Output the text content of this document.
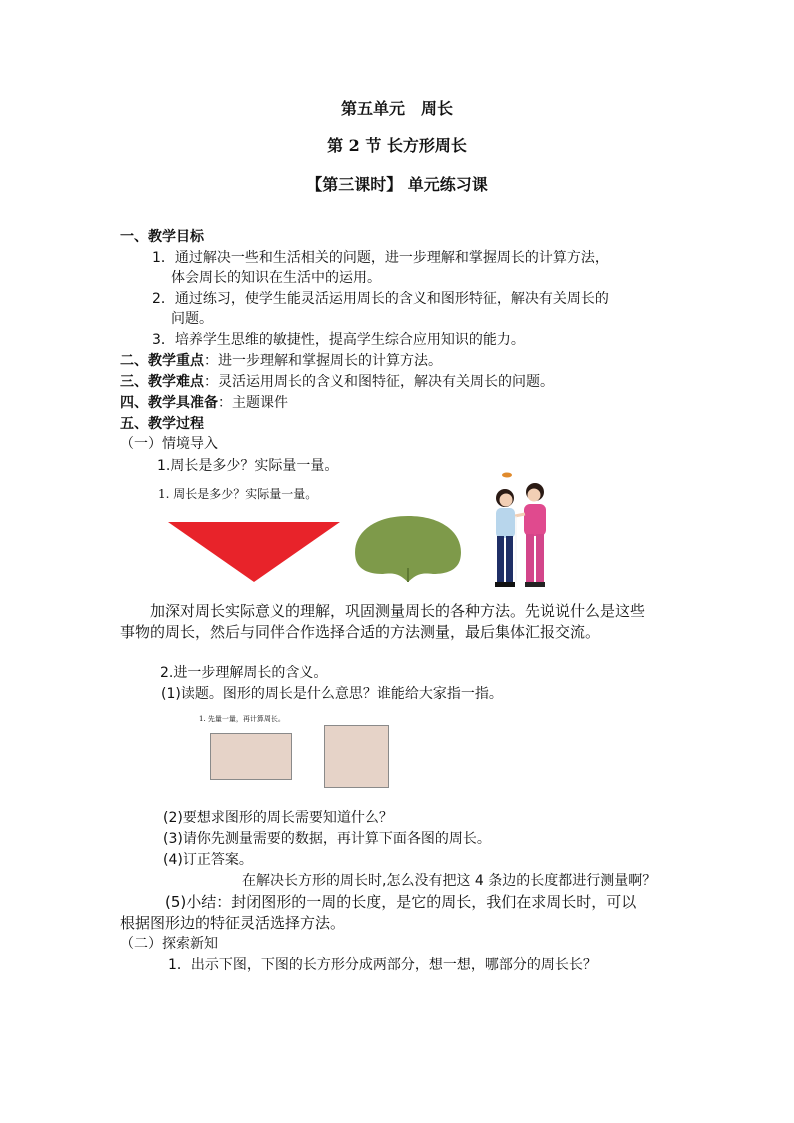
第五单元　周长
第 2 节 长方形周长
【第三课时】 单元练习课
一、教学目标
1．通过解决一些和生活相关的问题，进一步理解和掌握周长的计算方法，
体会周长的知识在生活中的运用。
2．通过练习，使学生能灵活运用周长的含义和图形特征，解决有关周长的
问题。
3．培养学生思维的敏捷性，提高学生综合应用知识的能力。
二、教学重点：进一步理解和掌握周长的计算方法。
三、教学难点：灵活运用周长的含义和图特征，解决有关周长的问题。
四、教学具准备：主题课件
五、教学过程
（一）情境导入
1.周长是多少？实际量一量。
1. 周长是多少？实际量一量。
加深对周长实际意义的理解，巩固测量周长的各种方法。先说说什么是这些
事物的周长，然后与同伴合作选择合适的方法测量，最后集体汇报交流。
2.进一步理解周长的含义。
(1)读题。图形的周长是什么意思？谁能给大家指一指。
1. 先量一量，再计算周长。
(2)要想求图形的周长需要知道什么？
(3)请你先测量需要的数据，再计算下面各图的周长。
(4)订正答案。
在解决长方形的周长时,怎么没有把这 4 条边的长度都进行测量啊？
(5)小结：封闭图形的一周的长度，是它的周长，我们在求周长时，可以
根据图形边的特征灵活选择方法。
（二）探索新知
1．出示下图，下图的长方形分成两部分，想一想，哪部分的周长长？
